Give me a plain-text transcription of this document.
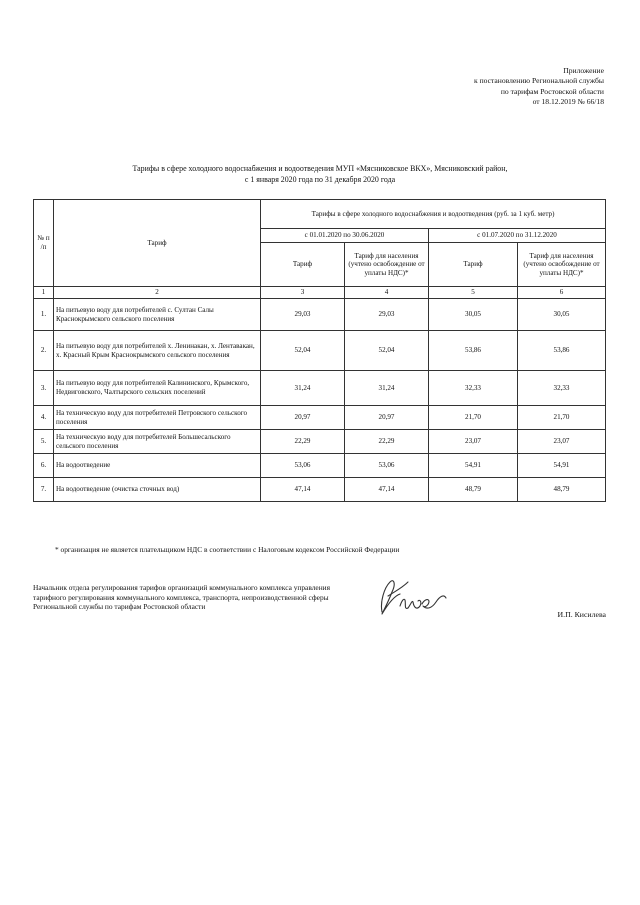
Приложение
к постановлению Региональной службы
по тарифам Ростовской области
от 18.12.2019 № 66/18
Тарифы в сфере холодного водоснабжения и водоотведения МУП «Мясниковское ВКХ», Мясниковский район,
с 1 января 2020 года по 31 декабря 2020 года
№ п /п	Тариф	Тарифы в сфере холодного водоснабжения и водоотведения (руб. за 1 куб. метр)			
		с 01.01.2020 по 30.06.2020		с 01.07.2020 по 31.12.2020	
		Тариф	Тариф для населения (учтено освобождение от уплаты НДС)*	Тариф	Тариф для населения (учтено освобождение от уплаты НДС)*
1	2	3	4	5	6
1.	На питьевую воду для потребителей с. Султан Салы Краснокрымского сельского поселения	29,03	29,03	30,05	30,05
2.	На питьевую воду для потребителей х. Ленинакан, х. Лентавакан, х. Красный Крым Краснокрымского сельского поселения	52,04	52,04	53,86	53,86
3.	На питьевую воду для потребителей Калининского, Крымского, Недвиговского, Чалтырского сельских поселений	31,24	31,24	32,33	32,33
4.	На техническую воду для потребителей Петровского сельского поселения	20,97	20,97	21,70	21,70
5.	На техническую воду для потребителей Большесальского сельского поселения	22,29	22,29	23,07	23,07
6.	На водоотведение	53,06	53,06	54,91	54,91
7.	На водоотведение (очистка сточных вод)	47,14	47,14	48,79	48,79
* организация не является плательщиком НДС в соответствии с Налоговым кодексом Российской Федерации
Начальник отдела регулирования тарифов организаций коммунального комплекса управления тарифного регулирования коммунального комплекса, транспорта, непроизводственной сферы Региональной службы по тарифам Ростовской области
И.П. Кисилева
